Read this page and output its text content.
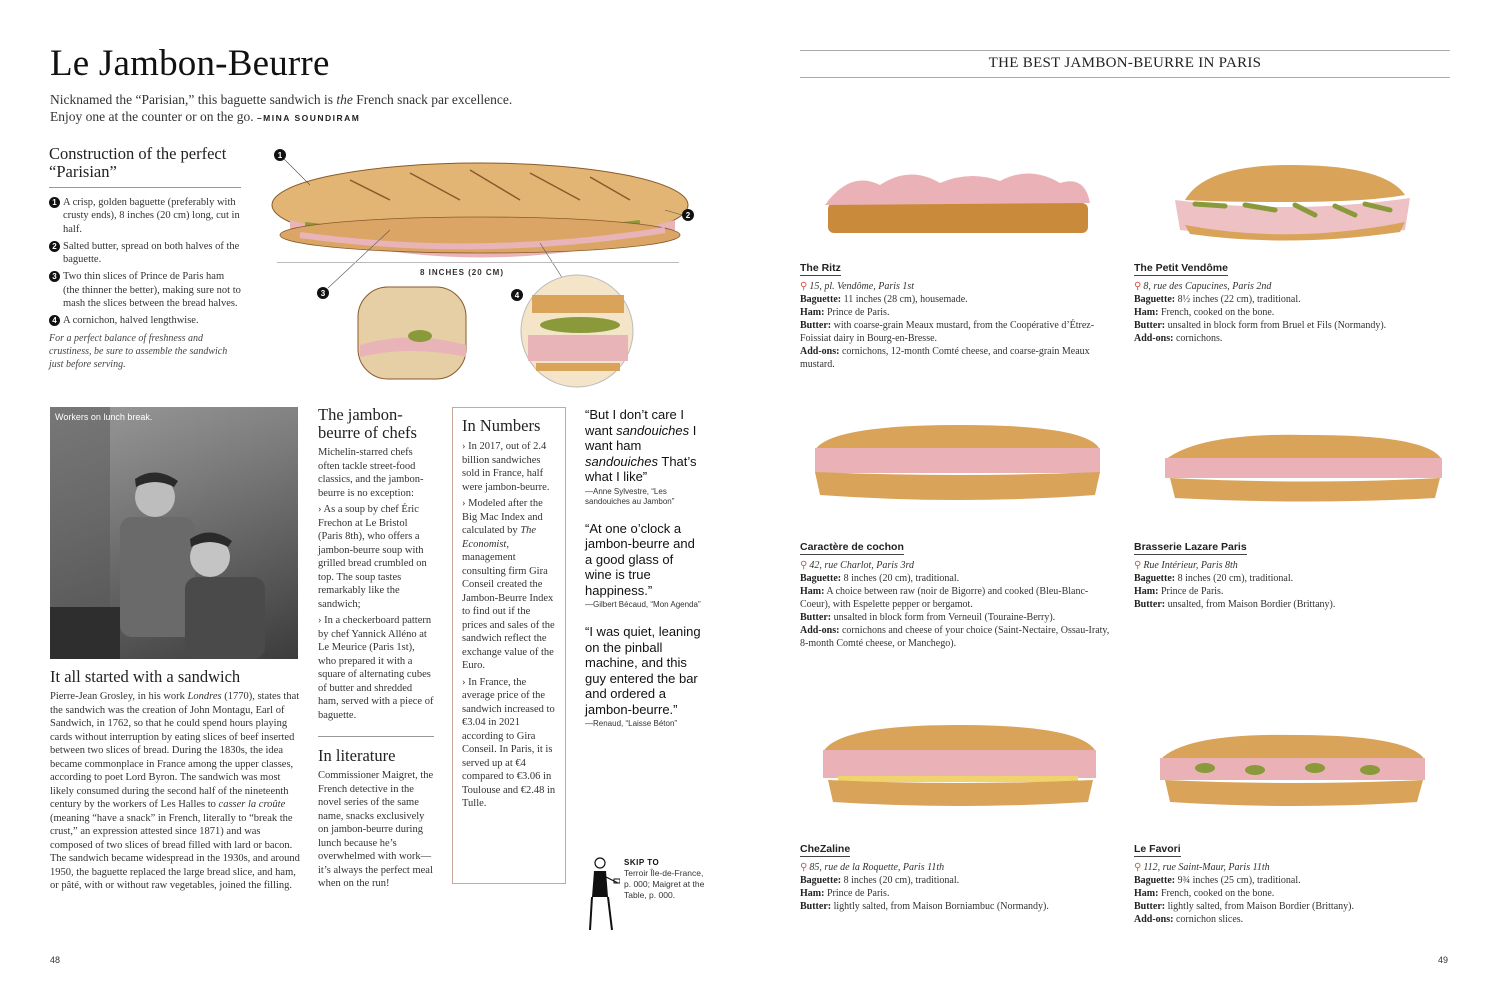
Le Jambon-Beurre

Nicknamed the “Parisian,” this baguette sandwich is the French snack par excellence. Enjoy one at the counter or on the go. –MINA SOUNDIRAM

Construction of the perfect “Parisian”
1 A crisp, golden baguette (preferably with crusty ends), 8 inches (20 cm) long, cut in half.
2 Salted butter, spread on both halves of the baguette.
3 Two thin slices of Prince de Paris ham (the thinner the better), making sure not to mash the slices between the bread halves.
4 A cornichon, halved lengthwise.

For a perfect balance of freshness and crustiness, be sure to assemble the sandwich just before serving.

1
2
3	4
8 INCHES (20 CM)
Workers on lunch break.
It all started with a sandwich

Pierre-Jean Grosley, in his work Londres (1770), states that the sandwich was the creation of John Montagu, Earl of Sandwich, in 1762, so that he could spend hours playing cards without interruption by eating slices of beef inserted between two slices of bread. During the 1830s, the idea became commonplace in France among the upper classes, according to poet Lord Byron. The sandwich was most likely consumed during the second half of the nineteenth century by the workers of Les Halles to casser la croûte (meaning “have a snack” in French, literally to “break the crust,” an expression attested since 1871) and was composed of two slices of bread filled with lard or bacon. The sandwich became widespread in the 1930s, and around 1950, the baguette replaced the large bread slice, and ham, or pâté, with or without raw vegetables, joined the filling.

The jambon-beurre of chefs

Michelin-starred chefs often tackle street-food classics, and the jambon-beurre is no exception:

› As a soup by chef Éric Frechon at Le Bristol (Paris 8th), who offers a jambon-beurre soup with grilled bread crumbled on top. The soup tastes remarkably like the sandwich;

› In a checkerboard pattern by chef Yannick Alléno at Le Meurice (Paris 1st), who prepared it with a square of alternating cubes of butter and shredded ham, served with a piece of baguette.

In literature

Commissioner Maigret, the French detective in the novel series of the same name, snacks exclusively on jambon-beurre during lunch because he’s overwhelmed with work—it’s always the perfect meal when on the run!

In Numbers

› In 2017, out of 2.4 billion sandwiches sold in France, half were jambon-beurre.

› Modeled after the Big Mac Index and calculated by The Economist, management consulting firm Gira Conseil created the Jambon-Beurre Index to find out if the prices and sales of the sandwich reflect the exchange value of the Euro.

› In France, the average price of the sandwich increased to €3.04 in 2021 according to Gira Conseil. In Paris, it is served up at €4 compared to €3.06 in Toulouse and €2.48 in Tulle.

“But I don’t care I want sandouiches I want ham sandouiches That’s what I like”
—Anne Sylvestre, “Les sandouiches au Jambon”
“At one o’clock a jambon-beurre and a good glass of wine is true happiness.”
—Gilbert Bécaud, “Mon Agenda”
“I was quiet, leaning on the pinball machine, and this guy entered the bar and ordered a jambon-beurre.”
—Renaud, “Laisse Béton”
SKIP TO
Terroir Île-de-France, p. 000; Maigret at the Table, p. 000.
48
THE BEST JAMBON-BEURRE IN PARIS
The Ritz
⚲ 15, pl. Vendôme, Paris 1st
Baguette: 11 inches (28 cm), housemade.
Ham: Prince de Paris.
Butter: with coarse-grain Meaux mustard, from the Coopérative d’Étrez-Foissiat dairy in Bourg-en-Bresse.
Add-ons: cornichons, 12-month Comté cheese, and coarse-grain Meaux mustard.
The Petit Vendôme
⚲ 8, rue des Capucines, Paris 2nd
Baguette: 8½ inches (22 cm), traditional.
Ham: French, cooked on the bone.
Butter: unsalted in block form from Bruel et Fils (Normandy).
Add-ons: cornichons.
Caractère de cochon
⚲ 42, rue Charlot, Paris 3rd
Baguette: 8 inches (20 cm), traditional.
Ham: A choice between raw (noir de Bigorre) and cooked (Bleu-Blanc-Coeur), with Espelette pepper or bergamot.
Butter: unsalted in block form from Verneuil (Touraine-Berry).
Add-ons: cornichons and cheese of your choice (Saint-Nectaire, Ossau-Iraty, 8-month Comté cheese, or Manchego).
Brasserie Lazare Paris
⚲ Rue Intérieur, Paris 8th
Baguette: 8 inches (20 cm), traditional.
Ham: Prince de Paris.
Butter: unsalted, from Maison Bordier (Brittany).
CheZaline
⚲ 85, rue de la Roquette, Paris 11th
Baguette: 8 inches (20 cm), traditional.
Ham: Prince de Paris.
Butter: lightly salted, from Maison Borniambuc (Normandy).
Le Favori
⚲ 112, rue Saint-Maur, Paris 11th
Baguette: 9¾ inches (25 cm), traditional.
Ham: French, cooked on the bone.
Butter: lightly salted, from Maison Bordier (Brittany).
Add-ons: cornichon slices.
49
